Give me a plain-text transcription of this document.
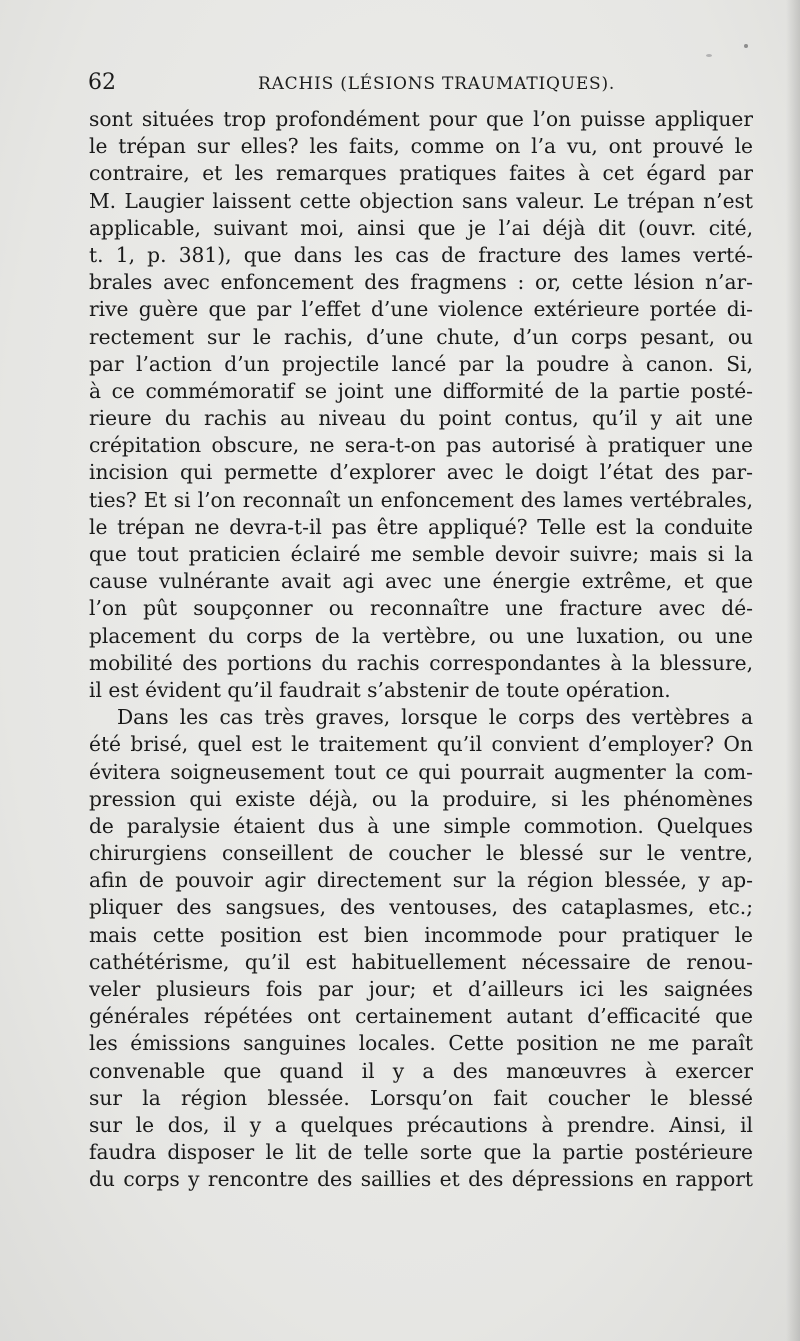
62	RACHIS (LÉSIONS TRAUMATIQUES).
sont situées trop profondément pour que l’on puisse appliquer
le trépan sur elles? les faits, comme on l’a vu, ont prouvé le
contraire, et les remarques pratiques faites à cet égard par
M. Laugier laissent cette objection sans valeur. Le trépan n’est
applicable, suivant moi, ainsi que je l’ai déjà dit (ouvr. cité,
t. 1, p. 381), que dans les cas de fracture des lames verté-
brales avec enfoncement des fragmens : or, cette lésion n’ar-
rive guère que par l’effet d’une violence extérieure portée di-
rectement sur le rachis, d’une chute, d’un corps pesant, ou
par l’action d’un projectile lancé par la poudre à canon. Si,
à ce commémoratif se joint une difformité de la partie posté-
rieure du rachis au niveau du point contus, qu’il y ait une
crépitation obscure, ne sera-t-on pas autorisé à pratiquer une
incision qui permette d’explorer avec le doigt l’état des par-
ties? Et si l’on reconnaît un enfoncement des lames vertébrales,
le trépan ne devra-t-il pas être appliqué? Telle est la conduite
que tout praticien éclairé me semble devoir suivre; mais si la
cause vulnérante avait agi avec une énergie extrême, et que
l’on pût soupçonner ou reconnaître une fracture avec dé-
placement du corps de la vertèbre, ou une luxation, ou une
mobilité des portions du rachis correspondantes à la blessure,
il est évident qu’il faudrait s’abstenir de toute opération.
Dans les cas très graves, lorsque le corps des vertèbres a
été brisé, quel est le traitement qu’il convient d’employer? On
évitera soigneusement tout ce qui pourrait augmenter la com-
pression qui existe déjà, ou la produire, si les phénomènes
de paralysie étaient dus à une simple commotion. Quelques
chirurgiens conseillent de coucher le blessé sur le ventre,
afin de pouvoir agir directement sur la région blessée, y ap-
pliquer des sangsues, des ventouses, des cataplasmes, etc.;
mais cette position est bien incommode pour pratiquer le
cathétérisme, qu’il est habituellement nécessaire de renou-
veler plusieurs fois par jour; et d’ailleurs ici les saignées
générales répétées ont certainement autant d’efficacité que
les émissions sanguines locales. Cette position ne me paraît
convenable que quand il y a des manœuvres à exercer
sur la région blessée. Lorsqu’on fait coucher le blessé
sur le dos, il y a quelques précautions à prendre. Ainsi, il
faudra disposer le lit de telle sorte que la partie postérieure
du corps y rencontre des saillies et des dépressions en rapport
